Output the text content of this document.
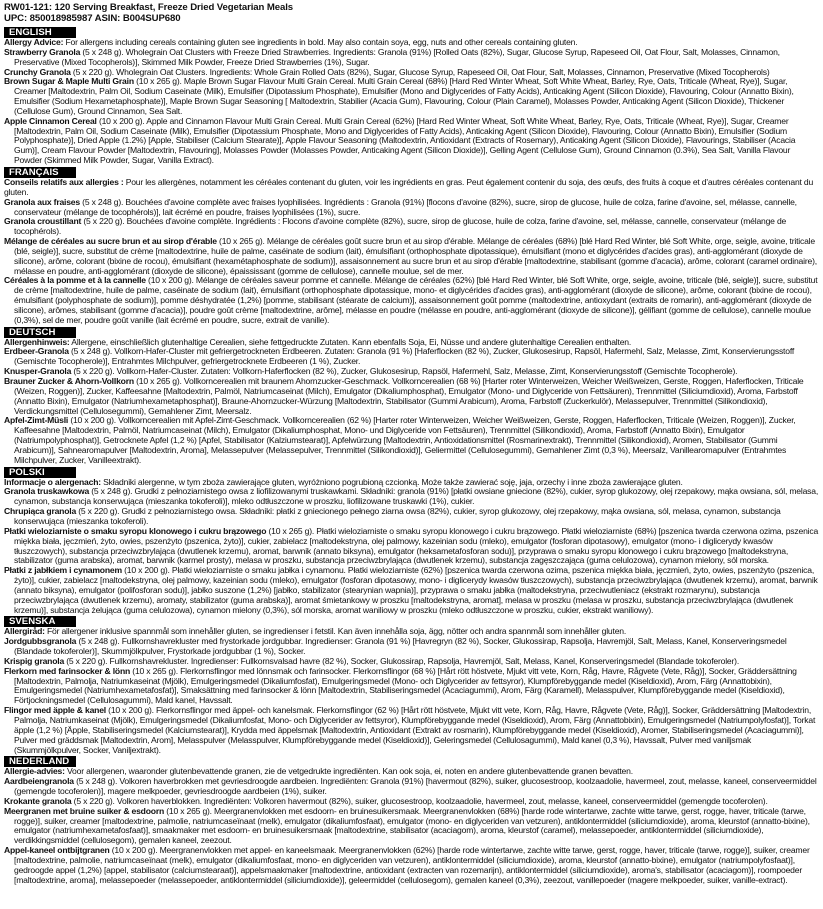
RW01-121: 120 Serving Breakfast, Freeze Dried Vegetarian Meals
UPC: 850018985987 ASIN: B004SUP680
ENGLISH

Allergy Advice: For allergens including cereals containing gluten see ingredients in bold. May also contain soya, egg, nuts and other cereals containing gluten.

Strawberry Granola (5 x 248 g). Wholegrain Oat Clusters with Freeze Dried Strawberries. Ingredients: Granola (91%) [Rolled Oats (82%), Sugar, Glucose Syrup, Rapeseed Oil, Oat Flour, Salt, Molasses, Cinnamon, Preservative (Mixed Tocopherols)], Skimmed Milk Powder, Freeze Dried Strawberries (1%), Sugar.

Crunchy Granola (5 x 220 g). Wholegrain Oat Clusters. Ingredients: Whole Grain Rolled Oats (82%), Sugar, Glucose Syrup, Rapeseed Oil, Oat Flour, Salt, Molasses, Cinnamon, Preservative (Mixed Tocopherols)

Brown Sugar & Maple Multi Grain (10 x 265 g). Maple Brown Sugar Flavour Multi Grain Cereal. Multi Grain Cereal (68%) [Hard Red Winter Wheat, Soft White Wheat, Barley, Rye, Oats, Triticale (Wheat, Rye)], Sugar, Creamer [Maltodextrin, Palm Oil, Sodium Caseinate (Milk), Emulsifier (Dipotassium Phosphate), Emulsifier (Mono and Diglycerides of Fatty Acids), Anticaking Agent (Silicon Dioxide), Flavouring, Colour (Annatto Bixin), Emulsifier (Sodium Hexametaphosphate)], Maple Brown Sugar Seasoning [ Maltodextrin, Stabilier (Acacia Gum), Flavouring, Colour (Plain Caramel), Molasses Powder, Anticaking Agent (Silicon Dioxide), Thickener (Cellulose Gum), Ground Cinnamon, Sea Salt.

Apple Cinnamon Cereal (10 x 200 g). Apple and Cinnamon Flavour Multi Grain Cereal. Multi Grain Cereal (62%) [Hard Red Winter Wheat, Soft White Wheat, Barley, Rye, Oats, Triticale (Wheat, Rye)], Sugar, Creamer [Maltodextrin, Palm Oil, Sodium Caseinate (Milk), Emulsifier (Dipotassium Phosphate, Mono and Diglycerides of Fatty Acids), Anticaking Agent (Silicon Dioxide), Flavouring, Colour (Annatto Bixin), Emulsifier (Sodium Polyphosphate)], Dried Apple (1.2%) [Apple, Stabiliser (Calcium Stearate)], Apple Flavour Seasoning (Maltodextrin, Antioxidant (Extracts of Rosemary), Anticaking Agent (Silicon Dioxide), Flavourings, Stabiliser (Acacia Gum)], Cream Flavour Powder [Maltodextrin, Flavouring], Molasses Powder (Molasses Powder, Anticaking Agent (Silicon Dioxide)], Gelling Agent (Cellulose Gum), Ground Cinnamon (0.3%), Sea Salt, Vanilla Flavour Powder (Skimmed Milk Powder, Sugar, Vanilla Extract).

FRANÇAIS

Conseils relatifs aux allergies : Pour les allergènes, notamment les céréales contenant du gluten, voir les ingrédients en gras. Peut également contenir du soja, des œufs, des fruits à coque et d'autres céréales contenant du gluten.

Granola aux fraises (5 x 248 g). Bouchées d'avoine complète avec fraises lyophilisées. Ingrédients : Granola (91%) [flocons d'avoine (82%), sucre, sirop de glucose, huile de colza, farine d'avoine, sel, mélasse, cannelle, conservateur (mélange de tocophérols)], lait écrémé en poudre, fraises lyophilisées (1%), sucre.

Granola croustillant (5 x 220 g). Bouchées d'avoine complète. Ingrédients : Flocons d'avoine complète (82%), sucre, sirop de glucose, huile de colza, farine d'avoine, sel, mélasse, cannelle, conservateur (mélange de tocophérols).

Mélange de céréales au sucre brun et au sirop d'érable (10 x 265 g). Mélange de céréales goût sucre brun et au sirop d'érable. Mélange de céréales (68%) [blé Hard Red Winter, blé Soft White, orge, seigle, avoine, triticale (blé, seigle)], sucre, substitut de crème [maltodextrine, huile de palme, caséinate de sodium (lait), émulsifiant (orthophosphate dipotassique), émulsifiant (mono et diglycérides d'acides gras), anti-agglomérant (dioxyde de silicone), arôme, colorant (bixine de rocou), émulsifiant (hexamétaphosphate de sodium)], assaisonnement au sucre brun et au sirop d'érable [maltodextrine, stabilisant (gomme d'acacia), arôme, colorant (caramel ordinaire), mélasse en poudre, anti-agglomérant (dioxyde de silicone), épaississant (gomme de cellulose), cannelle moulue, sel de mer.

Céréales à la pomme et à la cannelle (10 x 200 g). Mélange de céréales saveur pomme et cannelle. Mélange de céréales (62%) [blé Hard Red Winter, blé Soft White, orge, seigle, avoine, triticale (blé, seigle)], sucre, substitut de crème [maltodextrine, huile de palme, caséinate de sodium (lait), émulsifiant (orthophosphate dipotassique, mono- et diglycérides d'acides gras), anti-agglomérant (dioxyde de silicone), arôme, colorant (bixine de rocou), émulsifiant (polyphosphate de sodium)], pomme déshydratée (1,2%) [pomme, stabilisant (stéarate de calcium)], assaisonnement goût pomme (maltodextrine, antioxydant (extraits de romarin), anti-agglomérant (dioxyde de silicone), arômes, stabilisant (gomme d'acacia)], poudre goût crème [maltodextrine, arôme], mélasse en poudre (mélasse en poudre, anti-agglomérant (dioxyde de silicone)], gélifiant (gomme de cellulose), cannelle moulue (0,3%), sel de mer, poudre goût vanille (lait écrémé en poudre, sucre, extrait de vanille).

DEUTSCH

Allergenhinweis: Allergene, einschließlich glutenhaltige Cerealien, siehe fettgedruckte Zutaten. Kann ebenfalls Soja, Ei, Nüsse und andere glutenhaltige Cerealien enthalten.

Erdbeer-Granola (5 x 248 g). Vollkorn-Hafer-Cluster mit gefriergetrockneten Erdbeeren. Zutaten: Granola (91 %) [Haferflocken (82 %), Zucker, Glukosesirup, Rapsöl, Hafermehl, Salz, Melasse, Zimt, Konservierungsstoff (Gemischte Tocopherole)], Entrahmtes Milchpulver, gefriergetrocknete Erdbeeren (1 %), Zucker.

Knusper-Granola (5 x 220 g). Vollkorn-Hafer-Cluster. Zutaten: Vollkorn-Haferflocken (82 %), Zucker, Glukosesirup, Rapsöl, Hafermehl, Salz, Melasse, Zimt, Konservierungsstoff (Gemischte Tocopherole).

Brauner Zucker & Ahorn-Vollkorn (10 x 265 g). Vollkorncerealien mit braunem Ahornzucker-Geschmack. Vollkorncerealien (68 %) [Harter roter Winterweizen, Weicher Weißweizen, Gerste, Roggen, Haferflocken, Triticale (Weizen, Roggen)], Zucker, Kaffeesahne [Maltodextrin, Palmöl, Natriumcaseinat (Milch), Emulgator (Dikaliumphosphat), Emulgator (Mono- und Diglyceride von Fettsäuren), Trennmittel (Siliciumdioxid), Aroma, Farbstoff (Annatto Bixin), Emulgator (Natriumhexametaphosphat)], Braune-Ahornzucker-Würzung [Maltodextrin, Stabilisator (Gummi Arabicum), Aroma, Farbstoff (Zuckerkulör), Melassepulver, Trennmittel (Silikondioxid), Verdickungsmittel (Cellulosegummi), Gemahlener Zimt, Meersalz.

Apfel-Zimt-Müsli (10 x 200 g). Vollkorncerealien mit Apfel-Zimt-Geschmack. Vollkorncerealien (62 %) [Harter roter Winterweizen, Weicher Weißweizen, Gerste, Roggen, Haferflocken, Triticale (Weizen, Roggen)], Zucker, Kaffeesahne [Maltodextrin, Palmöl, Natriumcaseinat (Milch), Emulgator (Dikaliumphosphat, Mono- und Diglyceride von Fettsäuren), Trennmittel (Silikondioxid), Aroma, Farbstoff (Annatto Bixin), Emulgator (Natriumpolyphosphat)], Getrocknete Apfel (1,2 %) [Apfel, Stabilisator (Kalziumstearat)], Apfelwürzung [Maltodextrin, Antioxidationsmittel (Rosmarinextrakt), Trennmittel (Silikondioxid), Aromen, Stabilisator (Gummi Arabicum)], Sahnearomapulver [Maltodextrin, Aroma], Melassepulver (Melassepulver, Trennmittel (Silikondioxid)], Geliermittel (Cellulosegummi), Gemahlener Zimt (0,3 %), Meersalz, Vanillearomapulver (Entrahmtes Milchpulver, Zucker, Vanilleextrakt).

POLSKI

Informacje o alergenach: Składniki alergenne, w tym zboża zawierające gluten, wyróżniono pogrubioną czcionką. Może także zawierać soję, jaja, orzechy i inne zboża zawierające gluten.

Granola truskawkowa (5 x 248 g). Grudki z pełnoziarnistego owsa z liofilizowanymi truskawkami. Składniki: granola (91%) [płatki owsiane gniecione (82%), cukier, syrop glukozowy, olej rzepakowy, mąka owsiana, sól, melasa, cynamon, substancja konserwująca (mieszanka tokoferoli)], mleko odtłuszczone w proszku, liofilizowane truskawki (1%), cukier.

Chrupiąca granola (5 x 220 g). Grudki z pełnoziarnistego owsa. Składniki: płatki z gniecionego pełnego ziarna owsa (82%), cukier, syrop glukozowy, olej rzepakowy, mąka owsiana, sól, melasa, cynamon, substancja konserwująca (mieszanka tokoferoli).

Płatki wieloziarniste o smaku syropu klonowego i cukru brązowego (10 x 265 g). Płatki wieloziarniste o smaku syropu klonowego i cukru brązowego. Płatki wieloziarniste (68%) [pszenica twarda czerwona ozima, pszenica miękka biała, jęczmień, żyto, owies, pszenżyto (pszenica, żyto)], cukier, zabielacz [maltodekstryna, olej palmowy, kazeinian sodu (mleko), emulgator (fosforan dipotasowy), emulgator (mono- i diglicerydy kwasów tłuszczowych), substancja przeciwzbrylająca (dwutlenek krzemu), aromat, barwnik (annato biksyna), emulgator (heksametafosforan sodu)], przyprawa o smaku syropu klonowego i cukru brązowego [maltodekstryna, stabilizator (guma arabska), aromat, barwnik (karmel prosty), melasa w proszku, substancja przeciwzbrylająca (dwutlenek krzemu), substancja zagęszczająca (guma celulozowa), cynamon mielony, sól morska.

Płatki z jabłkiem i cynamonem (10 x 200 g). Płatki wieloziarniste o smaku jabłka i cynamonu. Płatki wieloziarniste (62%) [pszenica twarda czerwona ozima, pszenica miękka biała, jęczmień, żyto, owies, pszenżyto (pszenica, żyto)], cukier, zabielacz [maltodekstryna, olej palmowy, kazeinian sodu (mleko), emulgator (fosforan dipotasowy, mono- i diglicerydy kwasów tłuszczowych), substancja przeciwzbrylająca (dwutlenek krzemu), aromat, barwnik (annato biksyna), emulgator (polifosforan sodu)], jabłko suszone (1,2%) [jabłko, stabilizator (stearynian wapnia)], przyprawa o smaku jabłka (maltodekstryna, przeciwutleniacz (ekstrakt rozmarynu), substancja przeciwzbrylająca (dwutlenek krzemu), aromaty, stabilizator (guma arabska)], aromat śmietankowy w proszku [maltodekstryna, aromat], melasa w proszku (melasa w proszku, substancja przeciwzbrylająca (dwutlenek krzemu)], substancja żelująca (guma celulozowa), cynamon mielony (0,3%), sól morska, aromat waniliowy w proszku (mleko odtłuszczone w proszku, cukier, ekstrakt waniliowy).

SVENSKA

Allergiråd: För allergener inklusive spannmål som innehåller gluten, se ingredienser i fetstil. Kan även innehålla soja, ägg, nötter och andra spannmål som innehåller gluten.

Jordgubbsgranola (5 x 248 g). Fullkornshavrekluster med frystorkade jordgubbar. Ingredienser: Granola (91 %) [Havregryn (82 %), Socker, Glukossirap, Rapsolja, Havremjöl, Salt, Melass, Kanel, Konserveringsmedel (Blandade tokoferoler)], Skummjölkpulver, Frystorkade jordgubbar (1 %), Socker.

Krispig granola (5 x 220 g). Fullkornshavrekluster. Ingredienser: Fullkornsvalsad havre (82 %), Socker, Glukossirap, Rapsolja, Havremjöl, Salt, Melass, Kanel, Konserveringsmedel (Blandade tokoferoler).

Flerkorn med farinsocker & lönn (10 x 265 g). Flerkornsflingor med lönnsmak och farinsocker. Flerkornsflingor (68 %) [Hårt rött höstvete, Mjukt vitt vete, Korn, Råg, Havre, Rågvete (Vete, Råg)], Socker, Gräddersättning [Maltodextrin, Palmolja, Natriumkaseinat (Mjölk), Emulgeringsmedel (Dikaliumfosfat), Emulgeringsmedel (Mono- och Diglycerider av fettsyror), Klumpförebyggande medel (Kiseldioxid), Arom, Färg (Annattobixin), Emulgeringsmedel (Natriumhexametafosfat)], Smaksättning med farinsocker & lönn [Maltodextrin, Stabiliseringsmedel (Acaciagummi), Arom, Färg (Karamell), Melasspulver, Klumpförebyggande medel (Kiseldioxid), Förtjockningsmedel (Cellulosagummi), Mald kanel, Havssalt.

Flingor med äpple & kanel (10 x 200 g). Flerkornsflingor med äppel- och kanelsmak. Flerkornsflingor (62 %) [Hårt rött höstvete, Mjukt vitt vete, Korn, Råg, Havre, Rågvete (Vete, Råg)], Socker, Gräddersättning [Maltodextrin, Palmolja, Natriumkaseinat (Mjölk), Emulgeringsmedel (Dikaliumfosfat, Mono- och Diglycerider av fettsyror), Klumpförebyggande medel (Kiseldioxid), Arom, Färg (Annattobixin), Emulgeringsmedel (Natriumpolyfosfat)], Torkat äpple (1,2 %) [Äpple, Stabiliseringsmedel (Kalciumstearat)], Kryddа med äppelsmak [Maltodextrin, Antioxidant (Extrakt av rosmarin), Klumpförebyggande medel (Kiseldioxid), Aromer, Stabiliseringsmedel (Acaciagummi)], Pulver med gräddsmak [Maltodextrin, Arom], Melasspulver (Melasspulver, Klumpförebyggande medel (Kiseldioxid)], Geleringsmedel (Cellulosagummi), Mald kanel (0,3 %), Havssalt, Pulver med vaniljsmak (Skummjölkpulver, Socker, Vaniljextrakt).

NEDERLAND

Allergie-advies: Voor allergenen, waaronder glutenbevattende granen, zie de vetgedrukte ingrediënten. Kan ook soja, ei, noten en andere glutenbevattende granen bevatten.

Aardbeiengranola (5 x 248 g). Volkoren haverbrokken met gevriesdroogde aardbeien. Ingrediënten: Granola (91%) [havermout (82%), suiker, glucosestroop, koolzaadolie, havermeel, zout, melasse, kaneel, conserveermiddel (gemengde tocoferolen)], magere melkpoeder, gevriesdroogde aardbeien (1%), suiker.

Krokante granola (5 x 220 g). Volkoren haverblokken. Ingrediënten: Volkoren havermout (82%), suiker, glucosestroop, koolzaadolie, havermeel, zout, melasse, kaneel, conserveermiddel (gemengde tocoferolen).

Meergranen met bruine suiker & esdoorn (10 x 265 g). Meergranenvlokken met esdoorn- en bruinesuikersmaak. Meergranenvlokken (68%) [harde rode wintertarwe, zachte witte tarwe, gerst, rogge, haver, triticale (tarwe, rogge)], suiker, creamer [maltodextrine, palmolie, natriumcaseïnaat (melk), emulgator (dikaliumfosfaat), emulgator (mono- en diglyceriden van vetzuren), antiklontermiddel (siliciumdioxide), aroma, kleurstof (annatto-bixine), emulgator (natriumhexametafosfaat)], smaakmaker met esdoorn- en bruinesuikersmaak [maltodextrine, stabilisator (acaciagom), aroma, kleurstof (caramel), melassepoeder, antiklontermiddel (siliciumdioxide), verdikkingsmiddel (cellulosegom), gemalen kaneel, zeezout.

Appel-kaneel ontbijtgranen (10 x 200 g). Meergranenvlokken met appel- en kaneelsmaak. Meergranenvlokken (62%) [harde rode wintertarwe, zachte witte tarwe, gerst, rogge, haver, triticale (tarwe, rogge)], suiker, creamer [maltodextrine, palmolie, natriumcaseïnaat (melk), emulgator (dikaliumfosfaat, mono- en diglyceriden van vetzuren), antiklontermiddel (siliciumdioxide), aroma, kleurstof (annatto-bixine), emulgator (natriumpolyfosfaat)], gedroogde appel (1,2%) [appel, stabilisator (calciumstearaat)], appelsmaakmaker [maltodextrine, antioxidant (extracten van rozemarijn), antiklontermiddel (siliciumdioxide), aroma's, stabilisator (acaciagom)], roompoeder [maltodextrine, aroma], melassepoeder (melassepoeder, antiklontermiddel (siliciumdioxide)], geleermiddel (cellulosegom), gemalen kaneel (0,3%), zeezout, vanillepoeder (magere melkpoeder, suiker, vanille-extract).
